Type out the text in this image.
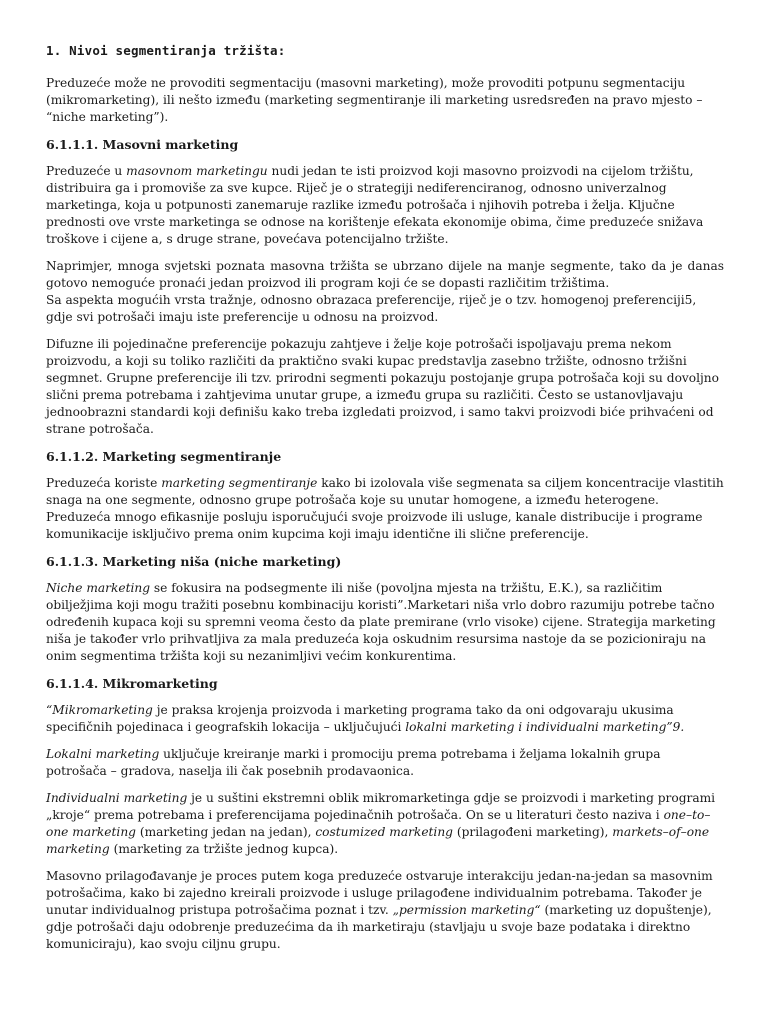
1. Nivoi segmentiranja tržišta:

Preduzeće može ne provoditi segmentaciju (masovni marketing), može provoditi potpunu segmentaciju (mikromarketing), ili nešto između (marketing segmentiranje ili marketing usredsređen na pravo mjesto – “niche marketing”).

6.1.1.1. Masovni marketing

Preduzeće u masovnom marketingu nudi jedan te isti proizvod koji masovno proizvodi na cijelom tržištu, distribuira ga i promoviše za sve kupce. Riječ je o strategiji nediferenciranog, odnosno univerzalnog marketinga, koja u potpunosti zanemaruje razlike između potrošača i njihovih potreba i želja. Ključne prednosti ove vrste marketinga se odnose na korištenje efekata ekonomije obima, čime preduzeće snižava troškove i cijene a, s druge strane, povećava potencijalno tržište.

Naprimjer, mnoga svjetski poznata masovna tržišta se ubrzano dijele na manje segmente, tako da je danas gotovo nemoguće pronaći jedan proizvod ili program koji će se dopasti različitim tržištima.

Sa aspekta mogućih vrsta tražnje, odnosno obrazaca preferencije, riječ je o tzv. homogenoj preferenciji5, gdje svi potrošači imaju iste preferencije u odnosu na proizvod.

Difuzne ili pojedinačne preferencije pokazuju zahtjeve i želje koje potrošači ispoljavaju prema nekom proizvodu, a koji su toliko različiti da praktično svaki kupac predstavlja zasebno tržište, odnosno tržišni segmnet. Grupne preferencije ili tzv. prirodni segmenti pokazuju postojanje grupa potrošača koji su dovoljno slični prema potrebama i zahtjevima unutar grupe, a između grupa su različiti. Često se ustanovljavaju jednoobrazni standardi koji definišu kako treba izgledati proizvod, i samo takvi proizvodi biće prihvaćeni od strane potrošača.

6.1.1.2. Marketing segmentiranje

Preduzeća koriste marketing segmentiranje kako bi izolovala više segmenata sa ciljem koncentracije vlastitih snaga na one segmente, odnosno grupe potrošača koje su unutar homogene, a između heterogene. Preduzeća mnogo efikasnije posluju isporučujući svoje proizvode ili usluge, kanale distribucije i programe komunikacije isključivo prema onim kupcima koji imaju identične ili slične preferencije.

6.1.1.3. Marketing niša (niche marketing)

Niche marketing se fokusira na podsegmente ili niše (povoljna mjesta na tržištu, E.K.), sa različitim obilježjima koji mogu tražiti posebnu kombinaciju koristi”.Marketari niša vrlo dobro razumiju potrebe tačno određenih kupaca koji su spremni veoma često da plate premirane (vrlo visoke) cijene. Strategija marketing niša je također vrlo prihvatljiva za mala preduzeća koja oskudnim resursima nastoje da se pozicioniraju na onim segmentima tržišta koji su nezanimljivi većim konkurentima.

6.1.1.4. Mikromarketing

“Mikromarketing je praksa krojenja proizvoda i marketing programa tako da oni odgovaraju ukusima specifičnih pojedinaca i geografskih lokacija – uključujući lokalni marketing i individualni marketing”9.

Lokalni marketing uključuje kreiranje marki i promociju prema potrebama i željama lokalnih grupa potrošača – gradova, naselja ili čak posebnih prodavaonica.

Individualni marketing je u suštini ekstremni oblik mikromarketinga gdje se proizvodi i marketing programi „kroje“ prema potrebama i preferencijama pojedinačnih potrošača. On se u literaturi često naziva i one–to–one marketing (marketing jedan na jedan), costumized marketing (prilagođeni marketing), markets–of–one marketing (marketing za tržište jednog kupca).

Masovno prilagođavanje je proces putem koga preduzeće ostvaruje interakciju jedan-na-jedan sa masovnim potrošačima, kako bi zajedno kreirali proizvode i usluge prilagođene individualnim potrebama. Također je unutar individualnog pristupa potrošačima poznat i tzv. „permission marketing“ (marketing uz dopuštenje), gdje potrošači daju odobrenje preduzećima da ih marketiraju (stavljaju u svoje baze podataka i direktno komuniciraju), kao svoju ciljnu grupu.
